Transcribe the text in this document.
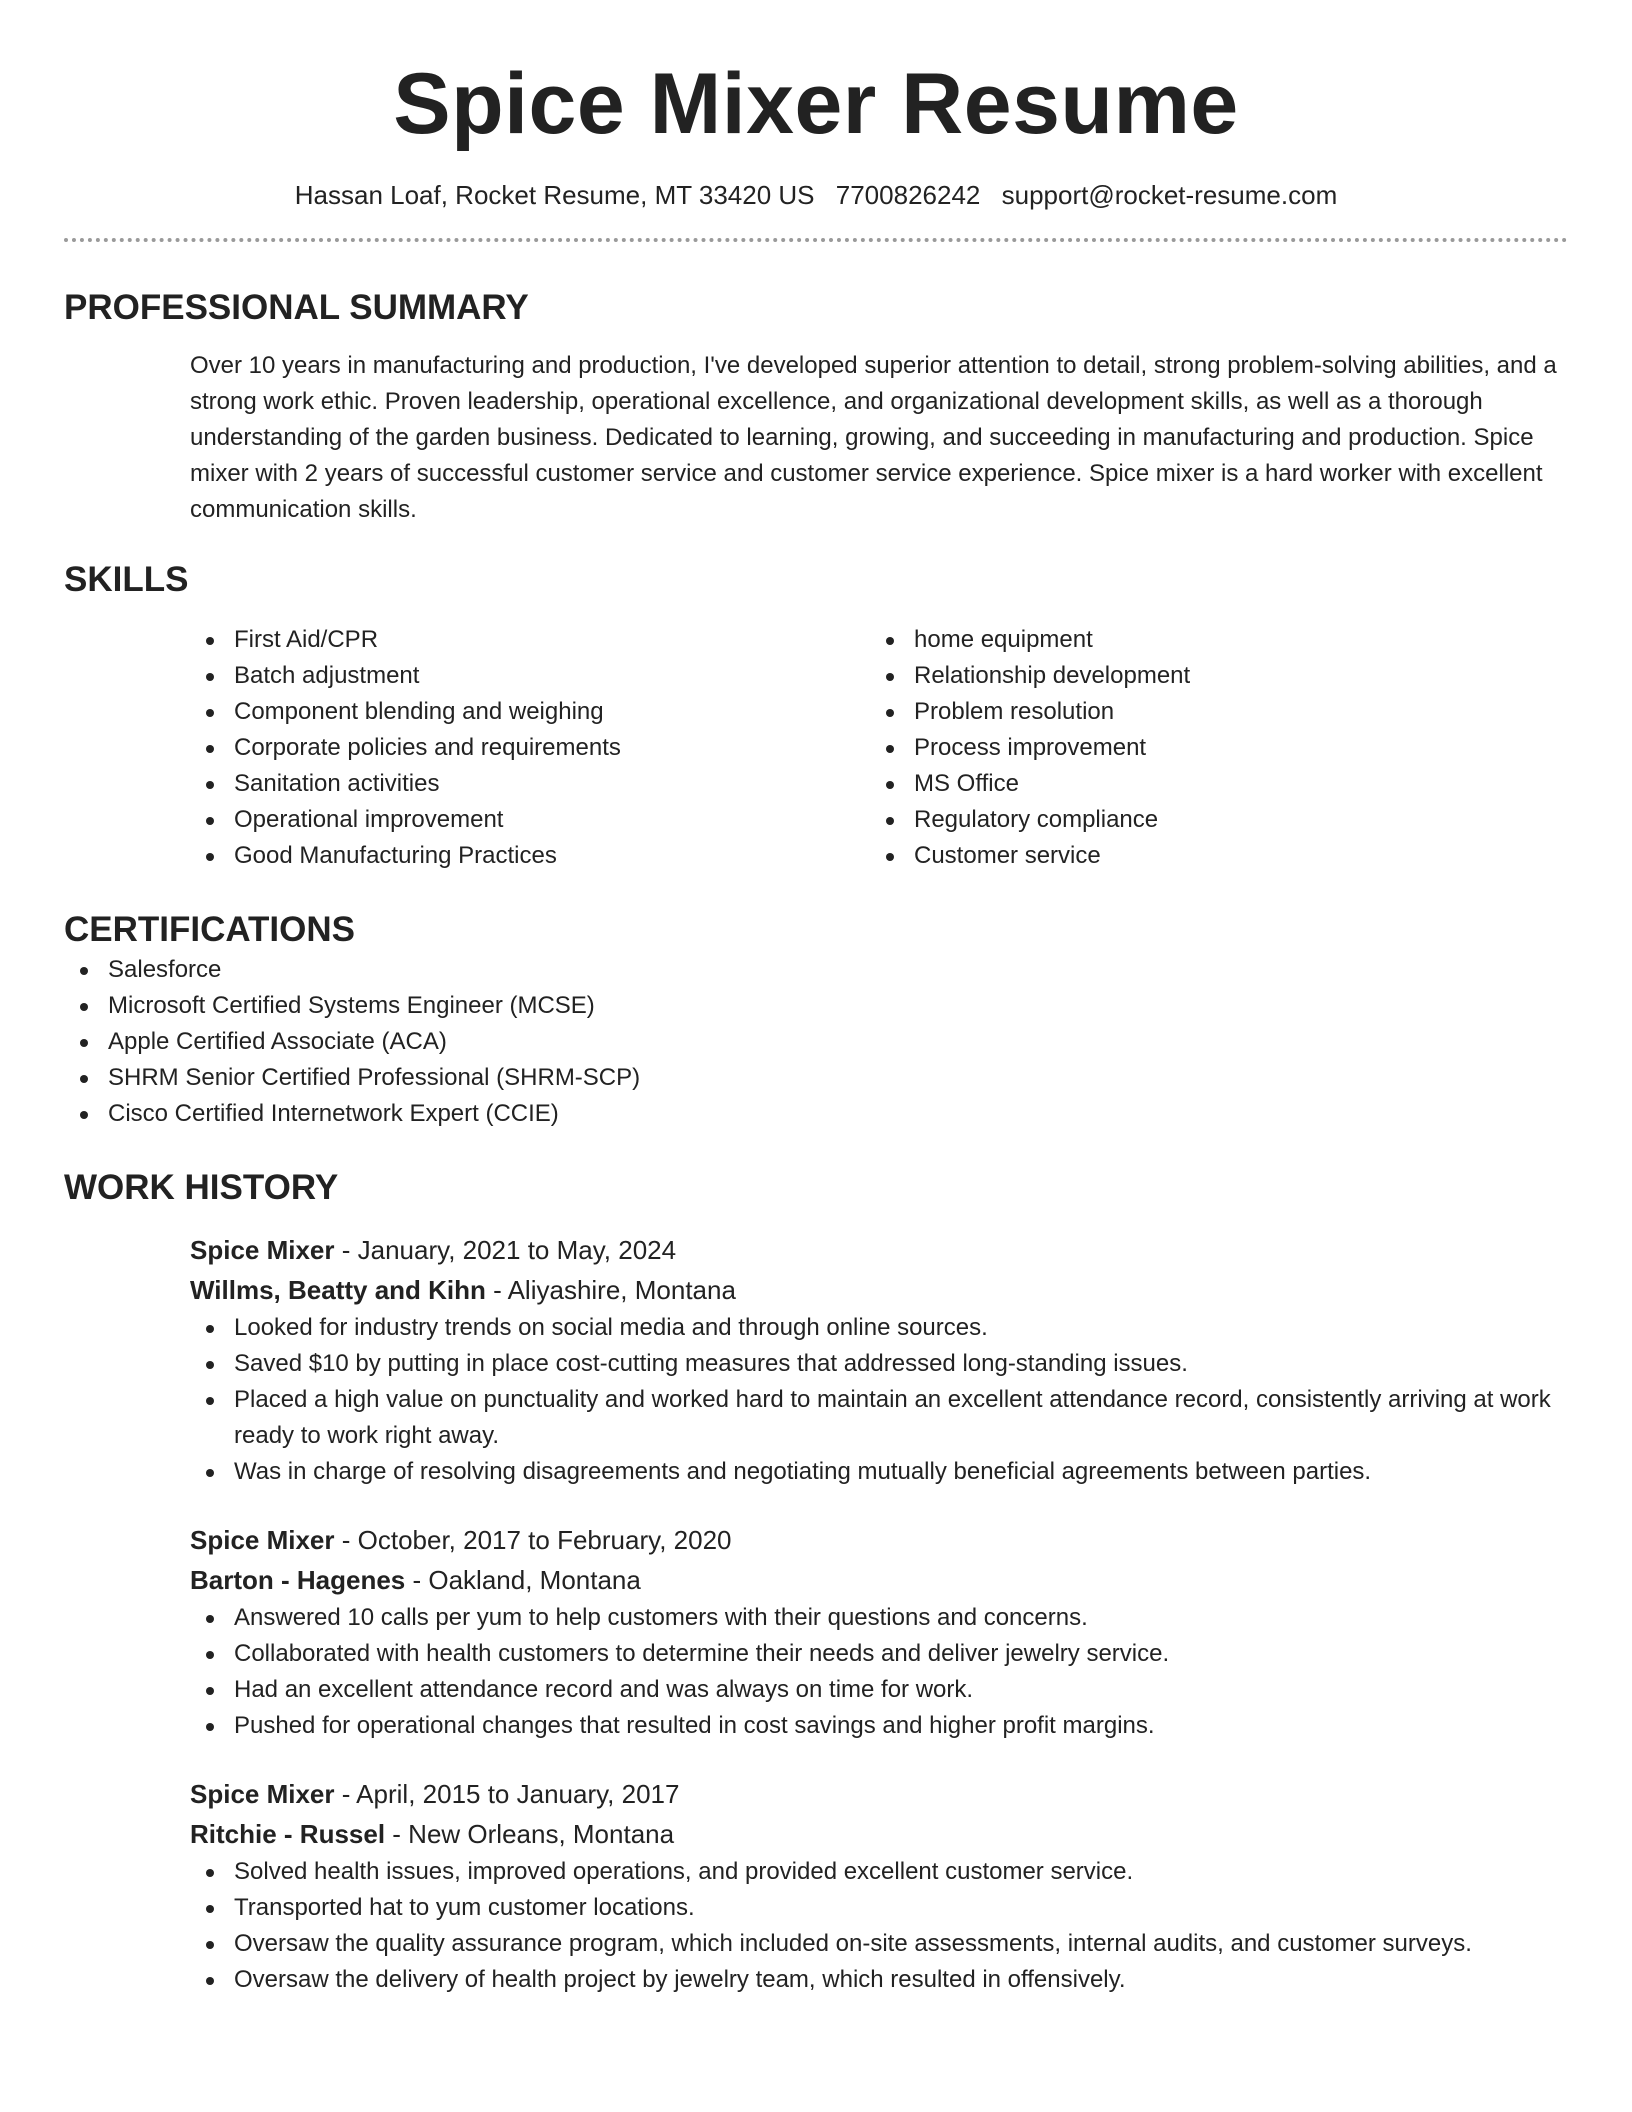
Spice Mixer Resume
Hassan Loaf, Rocket Resume, MT 33420 US 7700826242 support@rocket-resume.com
PROFESSIONAL SUMMARY

Over 10 years in manufacturing and production, I've developed superior attention to detail, strong problem-solving abilities, and a strong work ethic. Proven leadership, operational excellence, and organizational development skills, as well as a thorough understanding of the garden business. Dedicated to learning, growing, and succeeding in manufacturing and production. Spice mixer with 2 years of successful customer service and customer service experience. Spice mixer is a hard worker with excellent communication skills.

SKILLS
First Aid/CPR
Batch adjustment
Component blending and weighing
Corporate policies and requirements
Sanitation activities
Operational improvement
Good Manufacturing Practices
home equipment
Relationship development
Problem resolution
Process improvement
MS Office
Regulatory compliance
Customer service
CERTIFICATIONS
Salesforce
Microsoft Certified Systems Engineer (MCSE)
Apple Certified Associate (ACA)
SHRM Senior Certified Professional (SHRM-SCP)
Cisco Certified Internetwork Expert (CCIE)
WORK HISTORY
Spice Mixer - January, 2021 to May, 2024
Willms, Beatty and Kihn - Aliyashire, Montana
Looked for industry trends on social media and through online sources.
Saved $10 by putting in place cost-cutting measures that addressed long-standing issues.
Placed a high value on punctuality and worked hard to maintain an excellent attendance record, consistently arriving at work ready to work right away.
Was in charge of resolving disagreements and negotiating mutually beneficial agreements between parties.
Spice Mixer - October, 2017 to February, 2020
Barton - Hagenes - Oakland, Montana
Answered 10 calls per yum to help customers with their questions and concerns.
Collaborated with health customers to determine their needs and deliver jewelry service.
Had an excellent attendance record and was always on time for work.
Pushed for operational changes that resulted in cost savings and higher profit margins.
Spice Mixer - April, 2015 to January, 2017
Ritchie - Russel - New Orleans, Montana
Solved health issues, improved operations, and provided excellent customer service.
Transported hat to yum customer locations.
Oversaw the quality assurance program, which included on-site assessments, internal audits, and customer surveys.
Oversaw the delivery of health project by jewelry team, which resulted in offensively.
